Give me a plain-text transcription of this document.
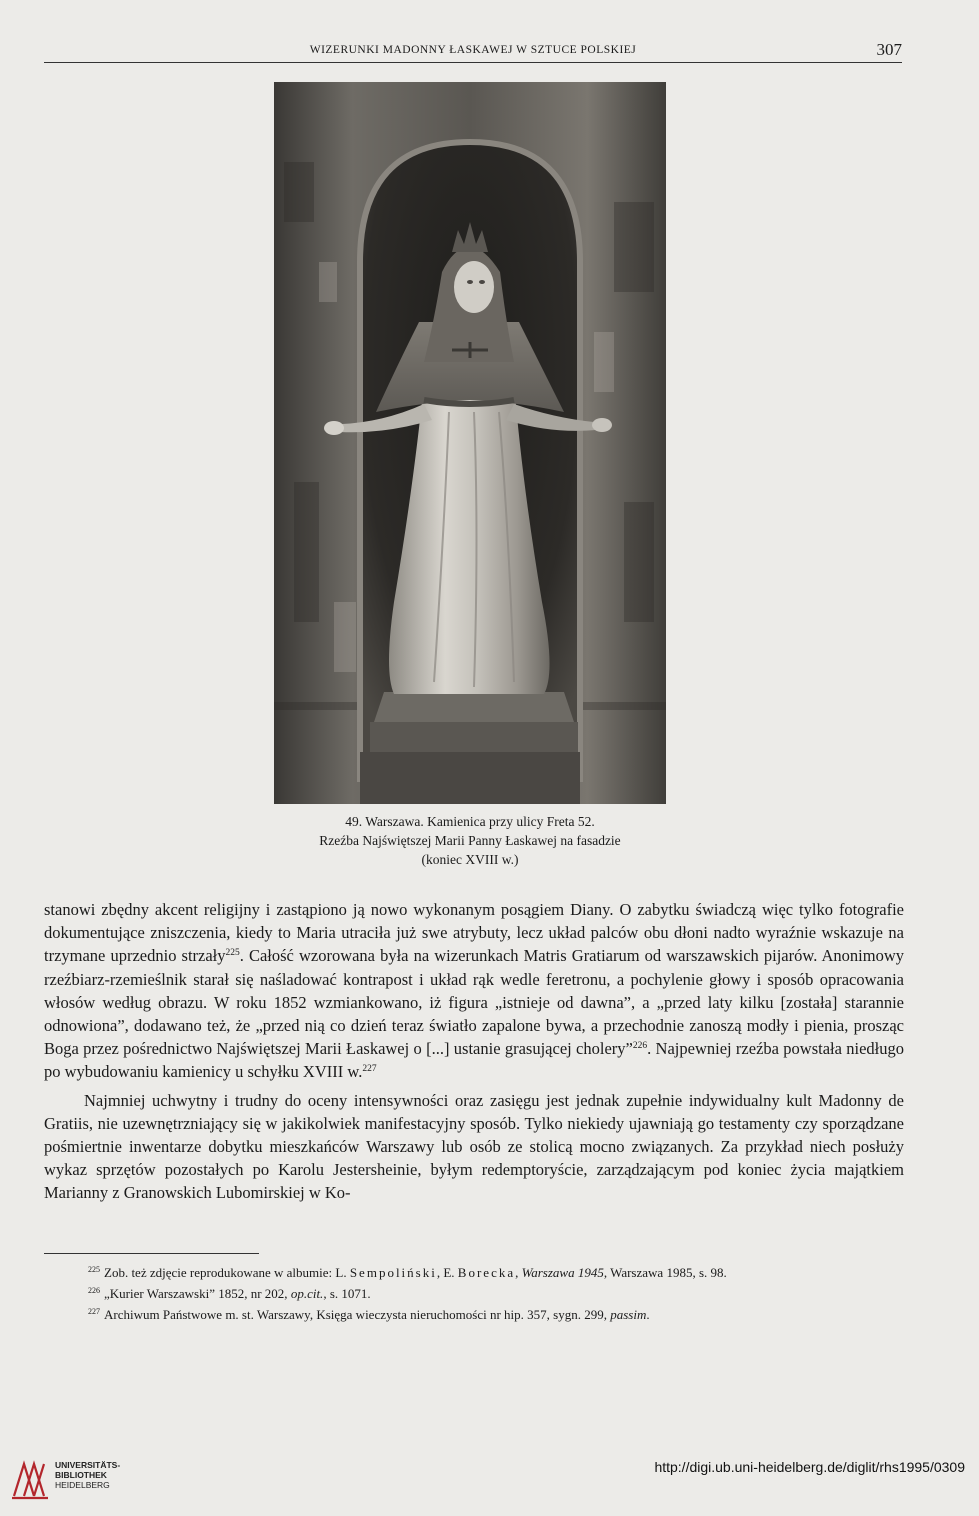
WIZERUNKI MADONNY ŁASKAWEJ W SZTUCE POLSKIEJ	307
49. Warszawa. Kamienica przy ulicy Freta 52.
Rzeźba Najświętszej Marii Panny Łaskawej na fasadzie
(koniec XVIII w.)

stanowi zbędny akcent religijny i zastąpiono ją nowo wykonanym posągiem Diany. O zabytku świadczą więc tylko fotografie dokumentujące zniszczenia, kiedy to Maria utraciła już swe atrybuty, lecz układ palców obu dłoni nadto wyraźnie wskazuje na trzymane uprzednio strzały$^{225}$. Całość wzorowana była na wizerunkach Matris Gratiarum od warszawskich pijarów. Anonimowy rzeźbiarz-rzemieślnik starał się naśladować kontrapost i układ rąk wedle feretronu, a pochylenie głowy i sposób opracowania włosów według obrazu. W roku 1852 wzmiankowano, iż figura „istnieje od dawna”, a „przed laty kilku [została] starannie odnowiona”, dodawano też, że „przed nią co dzień teraz światło zapalone bywa, a przechodnie zanoszą modły i pienia, prosząc Boga przez pośrednictwo Najświętszej Marii Łaskawej o [...] ustanie grasującej cholery”$^{226}$. Najpewniej rzeźba powstała niedługo po wybudowaniu kamienicy u schyłku XVIII w.$^{227}$

Najmniej uchwytny i trudny do oceny intensywności oraz zasięgu jest jednak zupełnie indywidualny kult Madonny de Gratiis, nie uzewnętrzniający się w jakikolwiek manifestacyjny sposób. Tylko niekiedy ujawniają go testamenty czy sporządzane pośmiertnie inwentarze dobytku mieszkańców Warszawy lub osób ze stolicą mocno związanych. Za przykład niech posłuży wykaz sprzętów pozostałych po Karolu Jestersheinie, byłym redemptoryście, zarządzającym pod koniec życia majątkiem Marianny z Granowskich Lubomirskiej w Ko-

$^{225}$ Zob. też zdjęcie reprodukowane w albumie: L. Sempoliński, E. Borecka, Warszawa 1945, Warszawa 1985, s. 98.
$^{226}$ „Kurier Warszawski” 1852, nr 202, op.cit., s. 1071.
$^{227}$ Archiwum Państwowe m. st. Warszawy, Księga wieczysta nieruchomości nr hip. 357, sygn. 299, passim.
UNIVERSITÄTS-
BIBLIOTHEK
HEIDELBERG
http://digi.ub.uni-heidelberg.de/diglit/rhs1995/0309
